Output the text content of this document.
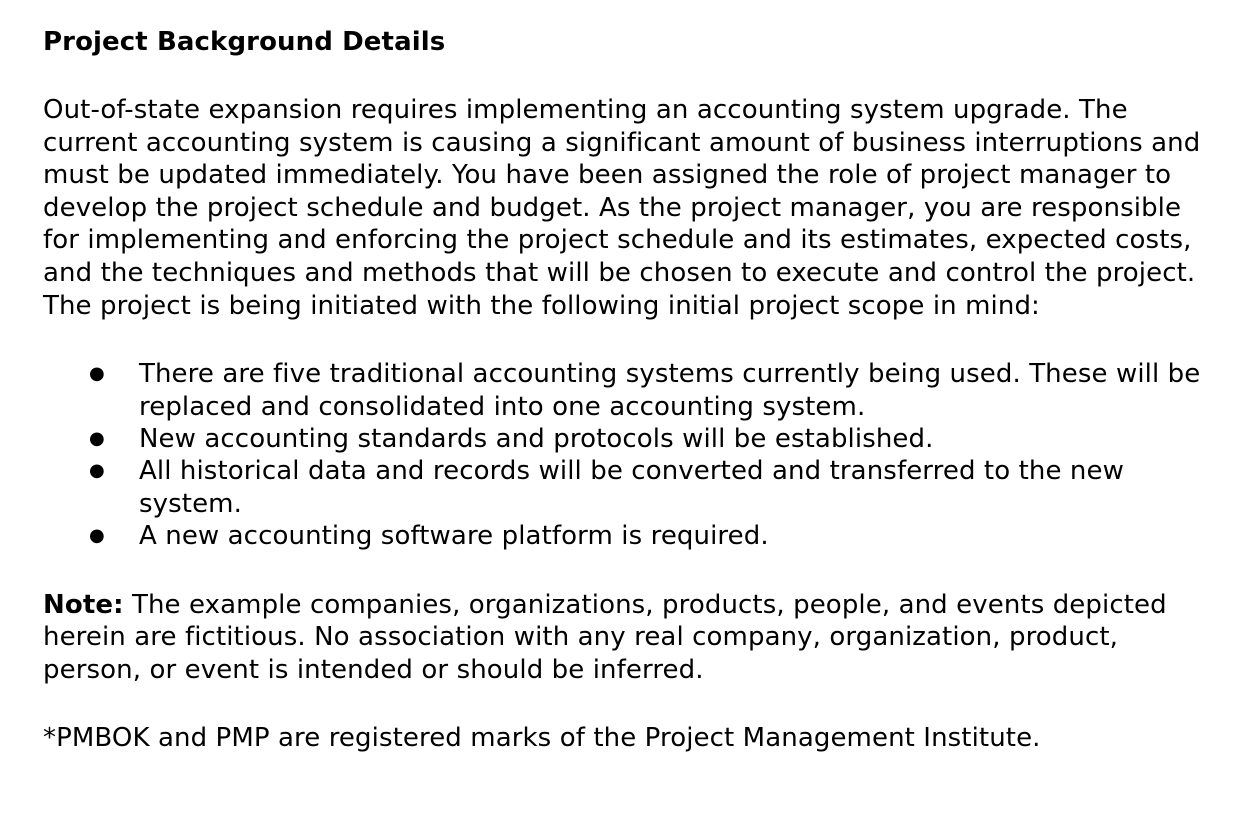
Project Background Details

Out-of-state expansion requires implementing an accounting system upgrade. The current accounting system is causing a significant amount of business interruptions and must be updated immediately. You have been assigned the role of project manager to develop the project schedule and budget. As the project manager, you are responsible for implementing and enforcing the project schedule and its estimates, expected costs, and the techniques and methods that will be chosen to execute and control the project. The project is being initiated with the following initial project scope in mind:

● There are five traditional accounting systems currently being used. These will be replaced and consolidated into one accounting system.
● New accounting standards and protocols will be established.
● All historical data and records will be converted and transferred to the new system.
● A new accounting software platform is required.

Note: The example companies, organizations, products, people, and events depicted herein are fictitious. No association with any real company, organization, product, person, or event is intended or should be inferred.

*PMBOK and PMP are registered marks of the Project Management Institute.
